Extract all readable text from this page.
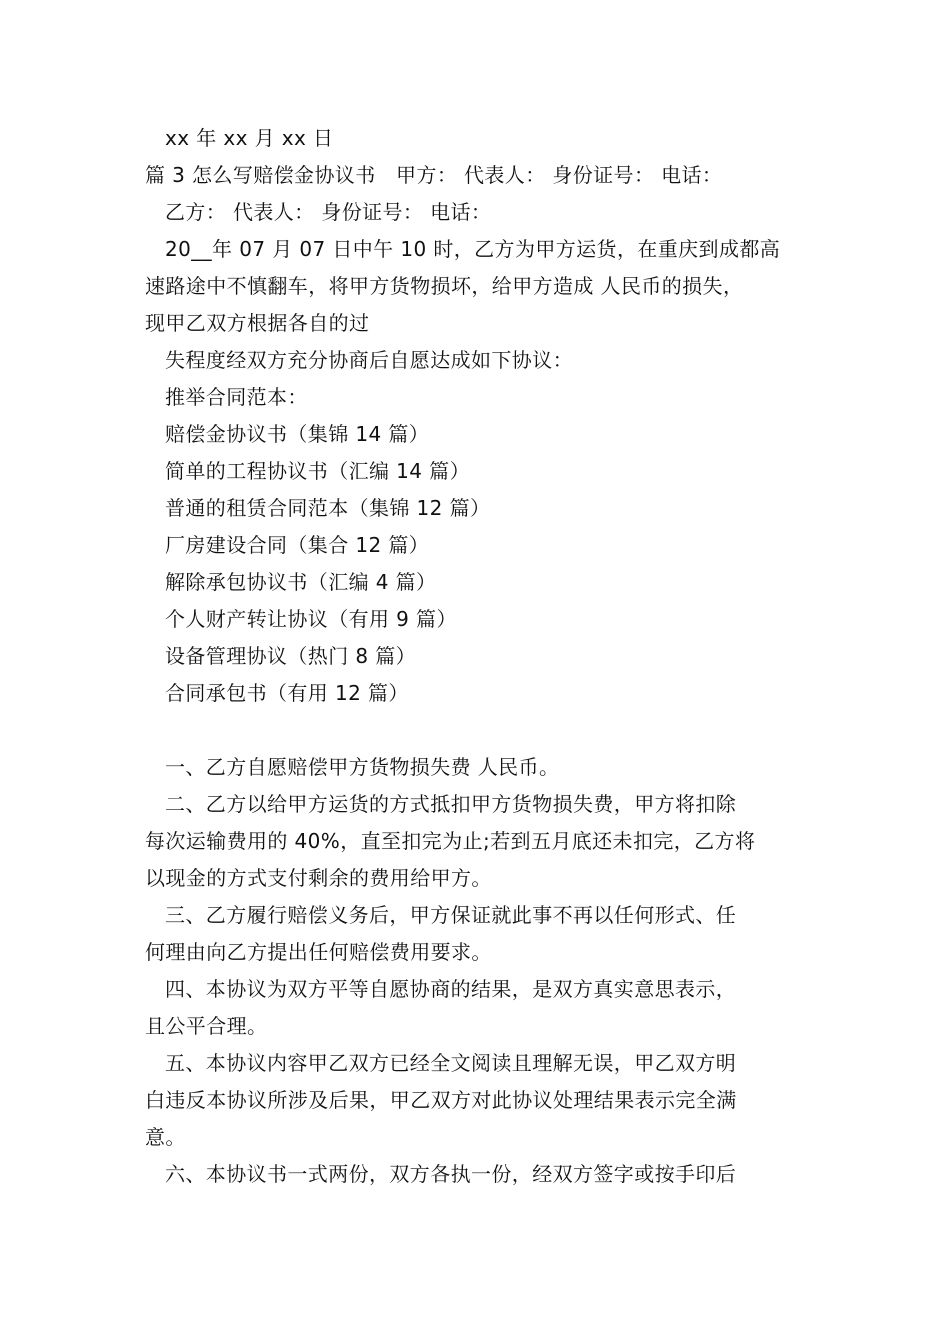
xx 年 xx 月 xx 日
篇 3 怎么写赔偿金协议书　甲方： 代表人： 身份证号： 电话：
乙方： 代表人： 身份证号： 电话：
20__年 07 月 07 日中午 10 时，乙方为甲方运货，在重庆到成都高
速路途中不慎翻车，将甲方货物损坏，给甲方造成 人民币的损失，
现甲乙双方根据各自的过
失程度经双方充分协商后自愿达成如下协议：
推举合同范本：
赔偿金协议书（集锦 14 篇）
简单的工程协议书（汇编 14 篇）
普通的租赁合同范本（集锦 12 篇）
厂房建设合同（集合 12 篇）
解除承包协议书（汇编 4 篇）
个人财产转让协议（有用 9 篇）
设备管理协议（热门 8 篇）
合同承包书（有用 12 篇）
一、乙方自愿赔偿甲方货物损失费 人民币。
二、乙方以给甲方运货的方式抵扣甲方货物损失费，甲方将扣除
每次运输费用的 40%，直至扣完为止;若到五月底还未扣完，乙方将
以现金的方式支付剩余的费用给甲方。
三、乙方履行赔偿义务后，甲方保证就此事不再以任何形式、任
何理由向乙方提出任何赔偿费用要求。
四、本协议为双方平等自愿协商的结果，是双方真实意思表示，
且公平合理。
五、本协议内容甲乙双方已经全文阅读且理解无误，甲乙双方明
白违反本协议所涉及后果，甲乙双方对此协议处理结果表示完全满
意。
六、本协议书一式两份，双方各执一份，经双方签字或按手印后
